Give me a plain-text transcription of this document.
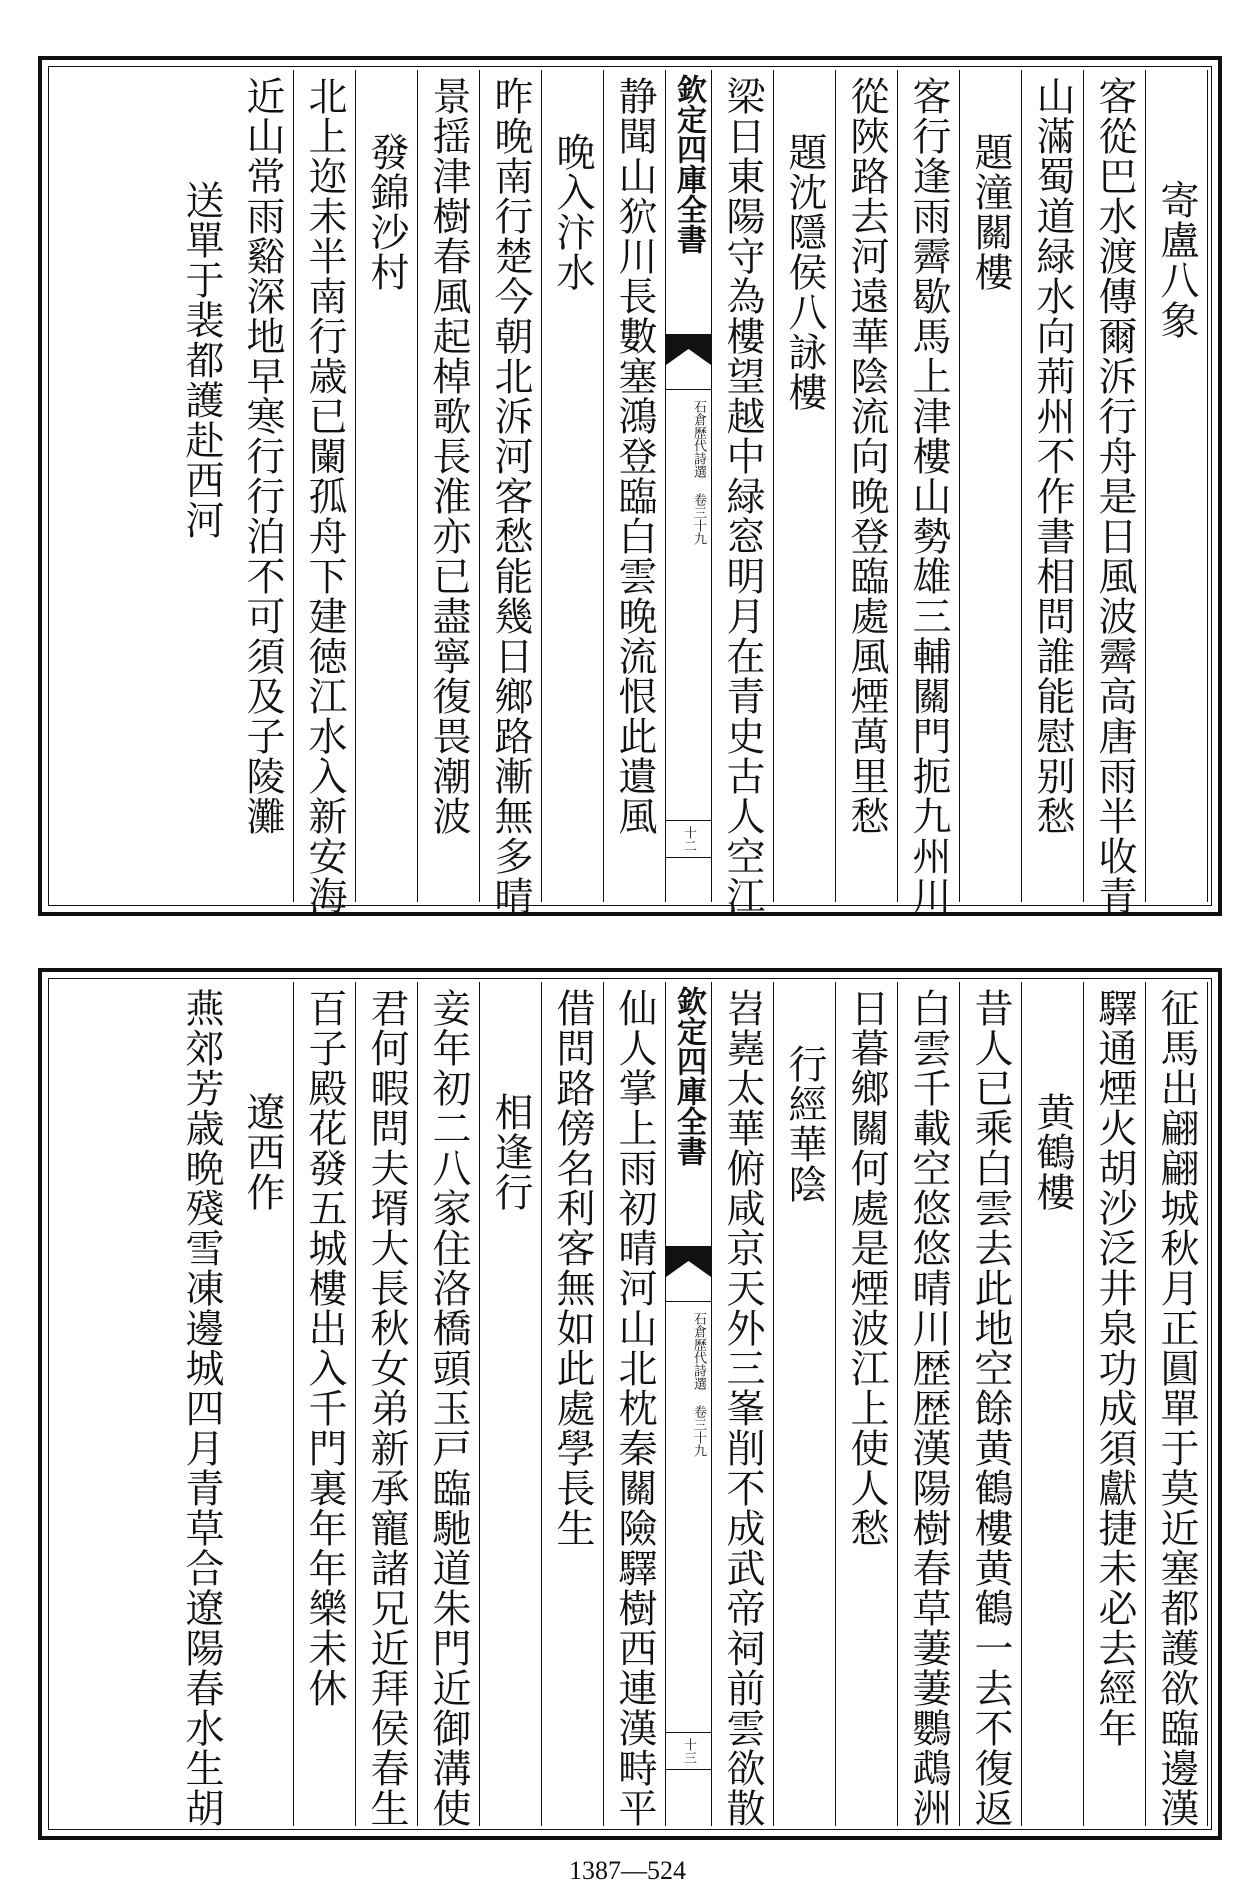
寄盧八象
客從巴水渡傳爾泝行舟是日風波霽高唐雨半收青
山滿蜀道緑水向荊州不作書相問誰能慰别愁
題潼關樓
客行逢雨霽歇馬上津樓山勢雄三輔關門扼九州川
從陜路去河遠華陰流向晚登臨處風煙萬里愁
題沈隱侯八詠樓
梁日東陽守為樓望越中緑窓明月在青史古人空江
欽定四庫全書
石倉歷代詩選 卷三十九
十二
静聞山狖川長數塞鴻登臨白雲晚流恨此遺風
晚入汴水
昨晚南行楚今朝北泝河客愁能幾日鄉路漸無多晴
景揺津樹春風起棹歌長淮亦已盡寧復畏潮波
發錦沙村
北上迩未半南行歳已闌孤舟下建徳江水入新安海
近山常雨谿深地早寒行行泊不可須及子陵灘
送單于裴都護赴西河
征馬出翩翩城秋月正圓單于莫近塞都護欲臨邊漢
驛通煙火胡沙泛井泉功成須獻捷未必去經年
黄鶴樓
昔人已乘白雲去此地空餘黄鶴樓黄鶴一去不復返
白雲千載空悠悠晴川歴歴漢陽樹春草萋萋鸚鵡洲
日暮鄉關何處是煙波江上使人愁
行經華陰
岧嶤太華俯咸京天外三峯削不成武帝祠前雲欲散
欽定四庫全書
石倉歷代詩選 卷三十九
十三
仙人掌上雨初晴河山北枕秦關險驛樹西連漢畤平
借問路傍名利客無如此處學長生
相逢行
妾年初二八家住洛橋頭玉戸臨馳道朱門近御溝使
君何暇問夫壻大長秋女弟新承寵諸兄近拜侯春生
百子殿花發五城樓出入千門裏年年樂未休
遼西作
燕郊芳歳晩殘雪凍邊城四月青草合遼陽春水生胡
1387—524
